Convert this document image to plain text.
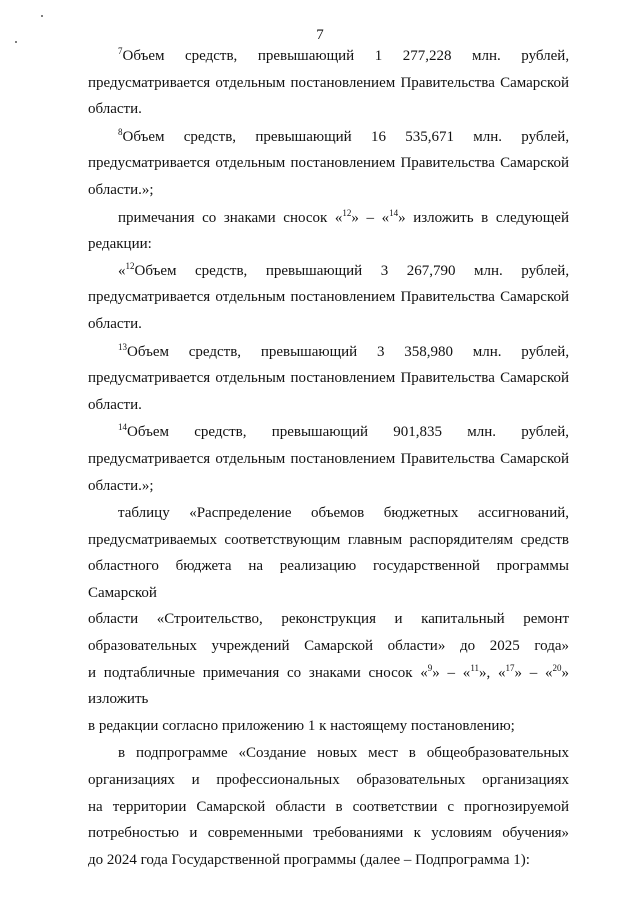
7

$^7$Объем средств, превышающий 1 277,228 млн. рублей,

предусматривается отдельным постановлением Правительства Самарской

области.

$^8$Объем средств, превышающий 16 535,671 млн. рублей,

предусматривается отдельным постановлением Правительства Самарской

области.»;

примечания со знаками сносок «$^{12}$» – «$^{14}$» изложить в следующей

редакции:

«$^{12}$Объем средств, превышающий 3 267,790 млн. рублей,

предусматривается отдельным постановлением Правительства Самарской

области.

$^{13}$Объем средств, превышающий 3 358,980 млн. рублей,

предусматривается отдельным постановлением Правительства Самарской

области.

$^{14}$Объем средств, превышающий 901,835 млн. рублей,

предусматривается отдельным постановлением Правительства Самарской

области.»;

таблицу «Распределение объемов бюджетных ассигнований,

предусматриваемых соответствующим главным распорядителям средств

областного бюджета на реализацию государственной программы Самарской

области «Строительство, реконструкция и капитальный ремонт

образовательных учреждений Самарской области» до 2025 года»

и подтабличные примечания со знаками сносок «$^9$» – «$^{11}$», «$^{17}$» – «$^{20}$» изложить

в редакции согласно приложению 1 к настоящему постановлению;

в подпрограмме «Создание новых мест в общеобразовательных

организациях и профессиональных образовательных организациях

на территории Самарской области в соответствии с прогнозируемой

потребностью и современными требованиями к условиям обучения»

до 2024 года Государственной программы (далее – Подпрограмма 1):
